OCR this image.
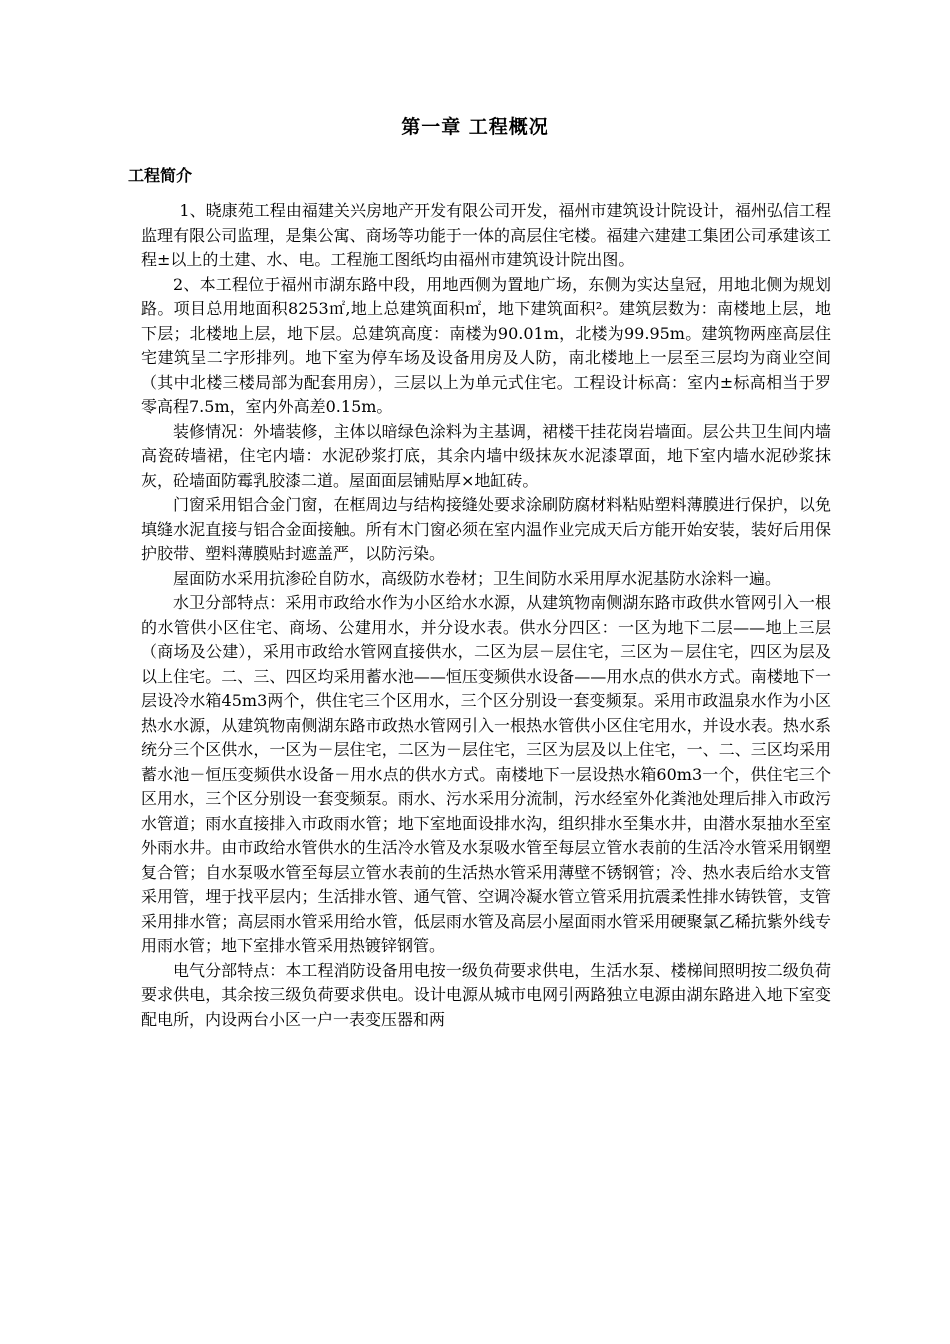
第一章 工程概况
工程简介

1、晓康苑工程由福建关兴房地产开发有限公司开发，福州市建筑设计院设计，福州弘信工程监理有限公司监理，是集公寓、商场等功能于一体的高层住宅楼。福建六建建工集团公司承建该工程±以上的土建、水、电。工程施工图纸均由福州市建筑设计院出图。

2、本工程位于福州市湖东路中段，用地西侧为置地广场，东侧为实达皇冠，用地北侧为规划路。项目总用地面积8253㎡,地上总建筑面积㎡，地下建筑面积²。建筑层数为：南楼地上层，地下层；北楼地上层，地下层。总建筑高度：南楼为90.01m，北楼为99.95m。建筑物两座高层住宅建筑呈二字形排列。地下室为停车场及设备用房及人防，南北楼地上一层至三层均为商业空间（其中北楼三楼局部为配套用房），三层以上为单元式住宅。工程设计标高：室内±标高相当于罗零高程7.5m，室内外高差0.15m。

装修情况：外墙装修，主体以暗绿色涂料为主基调，裙楼干挂花岗岩墙面。层公共卫生间内墙高瓷砖墙裙，住宅内墙：水泥砂浆打底，其余内墙中级抹灰水泥漆罩面，地下室内墙水泥砂浆抹灰，砼墙面防霉乳胶漆二道。屋面面层铺贴厚×地缸砖。

门窗采用铝合金门窗，在框周边与结构接缝处要求涂刷防腐材料粘贴塑料薄膜进行保护，以免填缝水泥直接与铝合金面接触。所有木门窗必须在室内温作业完成天后方能开始安装，装好后用保护胶带、塑料薄膜贴封遮盖严，以防污染。

屋面防水采用抗渗砼自防水，高级防水卷材；卫生间防水采用厚水泥基防水涂料一遍。

水卫分部特点：采用市政给水作为小区给水水源，从建筑物南侧湖东路市政供水管网引入一根的水管供小区住宅、商场、公建用水，并分设水表。供水分四区：一区为地下二层——地上三层（商场及公建），采用市政给水管网直接供水，二区为层－层住宅，三区为－层住宅，四区为层及以上住宅。二、三、四区均采用蓄水池——恒压变频供水设备——用水点的供水方式。南楼地下一层设冷水箱45m3两个，供住宅三个区用水，三个区分别设一套变频泵。采用市政温泉水作为小区热水水源，从建筑物南侧湖东路市政热水管网引入一根热水管供小区住宅用水，并设水表。热水系统分三个区供水，一区为－层住宅，二区为－层住宅，三区为层及以上住宅，一、二、三区均采用蓄水池－恒压变频供水设备－用水点的供水方式。南楼地下一层设热水箱60m3一个，供住宅三个区用水，三个区分别设一套变频泵。雨水、污水采用分流制，污水经室外化粪池处理后排入市政污水管道；雨水直接排入市政雨水管；地下室地面设排水沟，组织排水至集水井，由潜水泵抽水至室外雨水井。由市政给水管供水的生活冷水管及水泵吸水管至每层立管水表前的生活冷水管采用钢塑复合管；自水泵吸水管至每层立管水表前的生活热水管采用薄壁不锈钢管；冷、热水表后给水支管采用管，埋于找平层内；生活排水管、通气管、空调冷凝水管立管采用抗震柔性排水铸铁管，支管采用排水管；高层雨水管采用给水管，低层雨水管及高层小屋面雨水管采用硬聚氯乙稀抗紫外线专用雨水管；地下室排水管采用热镀锌钢管。

电气分部特点：本工程消防设备用电按一级负荷要求供电，生活水泵、楼梯间照明按二级负荷要求供电，其余按三级负荷要求供电。设计电源从城市电网引两路独立电源由湖东路进入地下室变配电所，内设两台小区一户一表变压器和两
